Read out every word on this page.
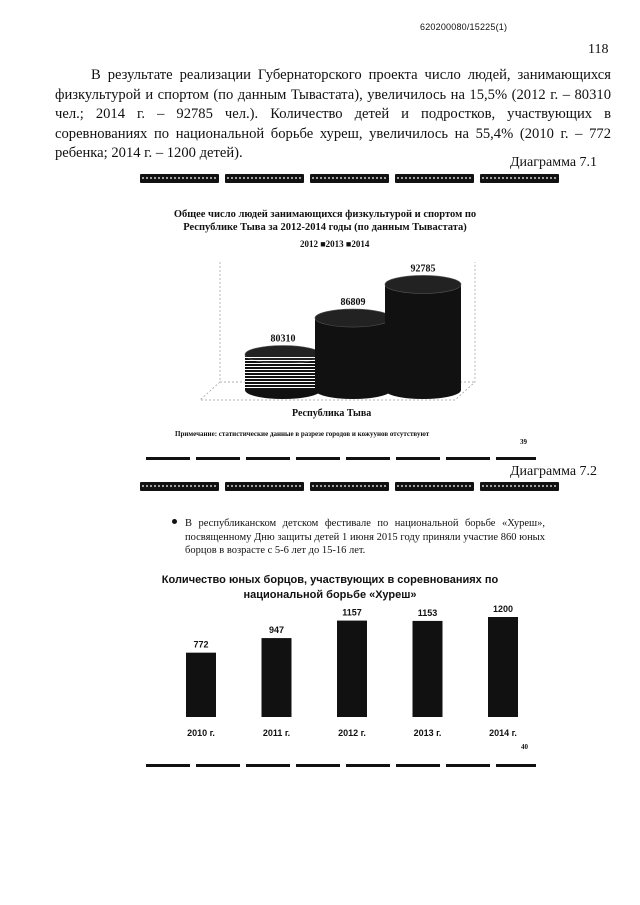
620200080/15225(1)
118
В результате реализации Губернаторского проекта число людей, занимающихся физкультурой и спортом (по данным Тывастата), увеличилось на 15,5% (2012 г. – 80310 чел.; 2014 г. – 92785 чел.). Количество детей и подростков, участвующих в соревнованиях по национальной борьбе хуреш, увеличилось на 55,4% (2010 г. – 772 ребенка; 2014 г. – 1200 детей).
Диаграмма 7.1
Общее число людей занимающихся физкультурой и спортом по Республике Тыва за 2012-2014 годы (по данным Тывастата)
2012 ■2013 ■2014
80310
86809
92785
Республика Тыва
Примечание: статистические данные в разрезе городов и кожуунов отсутствуют
39
Диаграмма 7.2
В республиканском детском фестивале по национальной борьбе «Хуреш», посвященному Дню защиты детей 1 июня 2015 году приняли участие 860 юных борцов в возрасте с 5-6 лет до 15-16 лет.
Количество юных борцов, участвующих в соревнованиях по национальной борьбе «Хуреш»
772
2010 г.
947
2011 г.
1157
2012 г.
1153
2013 г.
1200
2014 г.
40
